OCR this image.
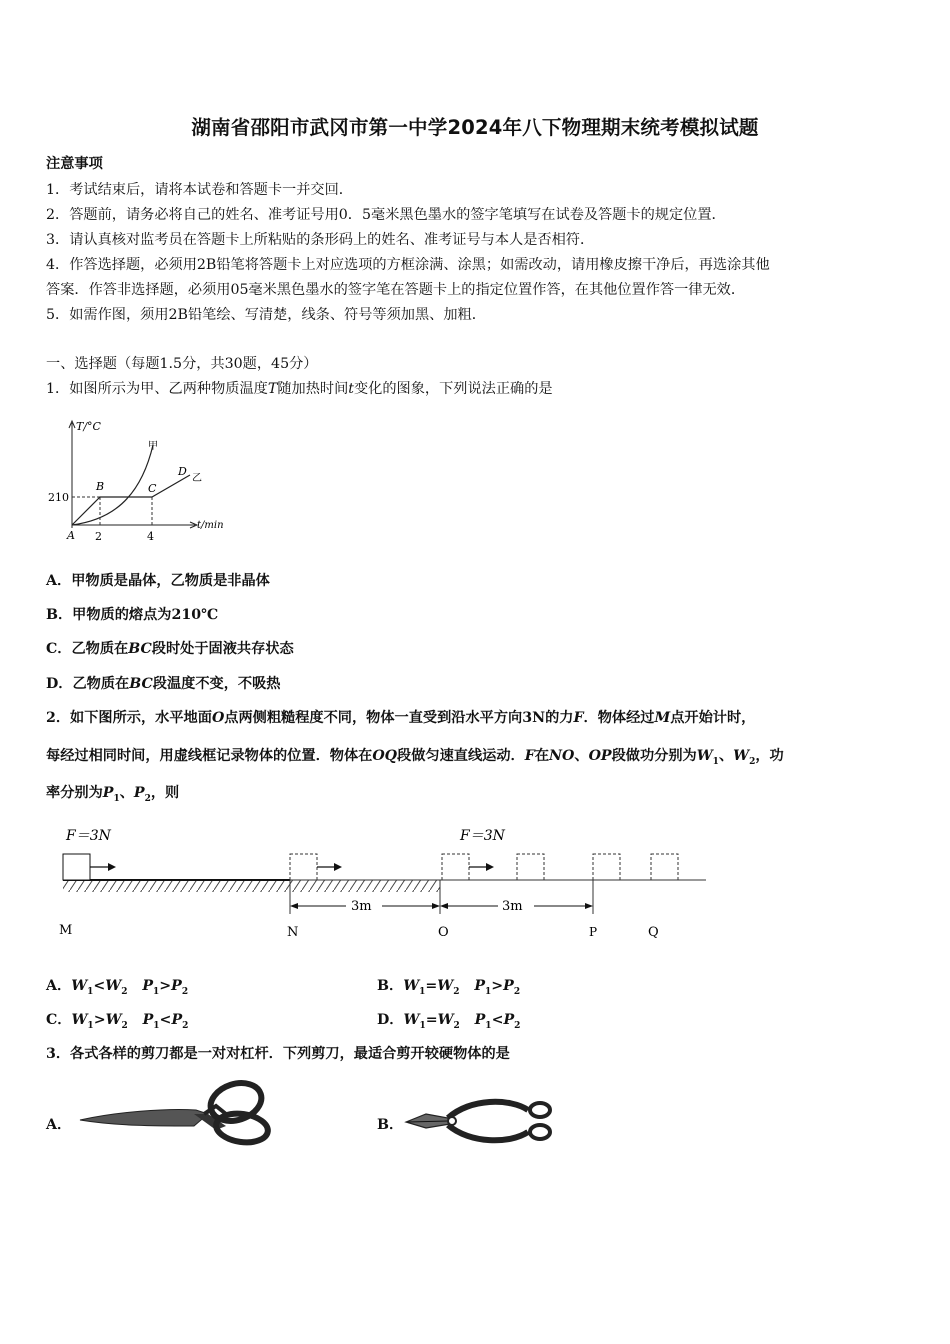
湖南省邵阳市武冈市第一中学2024年八下物理期末统考模拟试题
注意事项
1．考试结束后，请将本试卷和答题卡一并交回．
2．答题前，请务必将自己的姓名、准考证号用0．5毫米黑色墨水的签字笔填写在试卷及答题卡的规定位置．
3．请认真核对监考员在答题卡上所粘贴的条形码上的姓名、准考证号与本人是否相符．
4．作答选择题，必须用2B铅笔将答题卡上对应选项的方框涂满、涂黑；如需改动，请用橡皮擦干净后，再选涂其他
答案．作答非选择题，必须用05毫米黑色墨水的签字笔在答题卡上的指定位置作答，在其他位置作答一律无效．
5．如需作图，须用2B铅笔绘、写清楚，线条、符号等须加黑、加粗．
一、选择题（每题1.5分，共30题，45分）
1．如图所示为甲、乙两种物质温度T随加热时间t变化的图象，下列说法正确的是
T/°C
t/min
210
2	4
A
B	C
D
甲
乙
A．甲物质是晶体，乙物质是非晶体
B．甲物质的熔点为210℃
C．乙物质在BC段时处于固液共存状态
D．乙物质在BC段温度不变，不吸热
2．如下图所示，水平地面O点两侧粗糙程度不同，物体一直受到沿水平方向3N的力F．物体经过M点开始计时，
每经过相同时间，用虚线框记录物体的位置．物体在OQ段做匀速直线运动．F在NO、OP段做功分别为$W_1$、$W_2$，功
率分别为$P_1$、$P_2$，则
F＝3N	F＝3N
3m	3m
M	N	O	P	Q
A．$W_1<W_2$ $P_1>P_2$	B．$W_1=W_2$ $P_1>P_2$
C．$W_1>W_2$ $P_1<P_2$	D．$W_1=W_2$ $P_1<P_2$
3．各式各样的剪刀都是一对对杠杆．下列剪刀，最适合剪开较硬物体的是
A．	B．
